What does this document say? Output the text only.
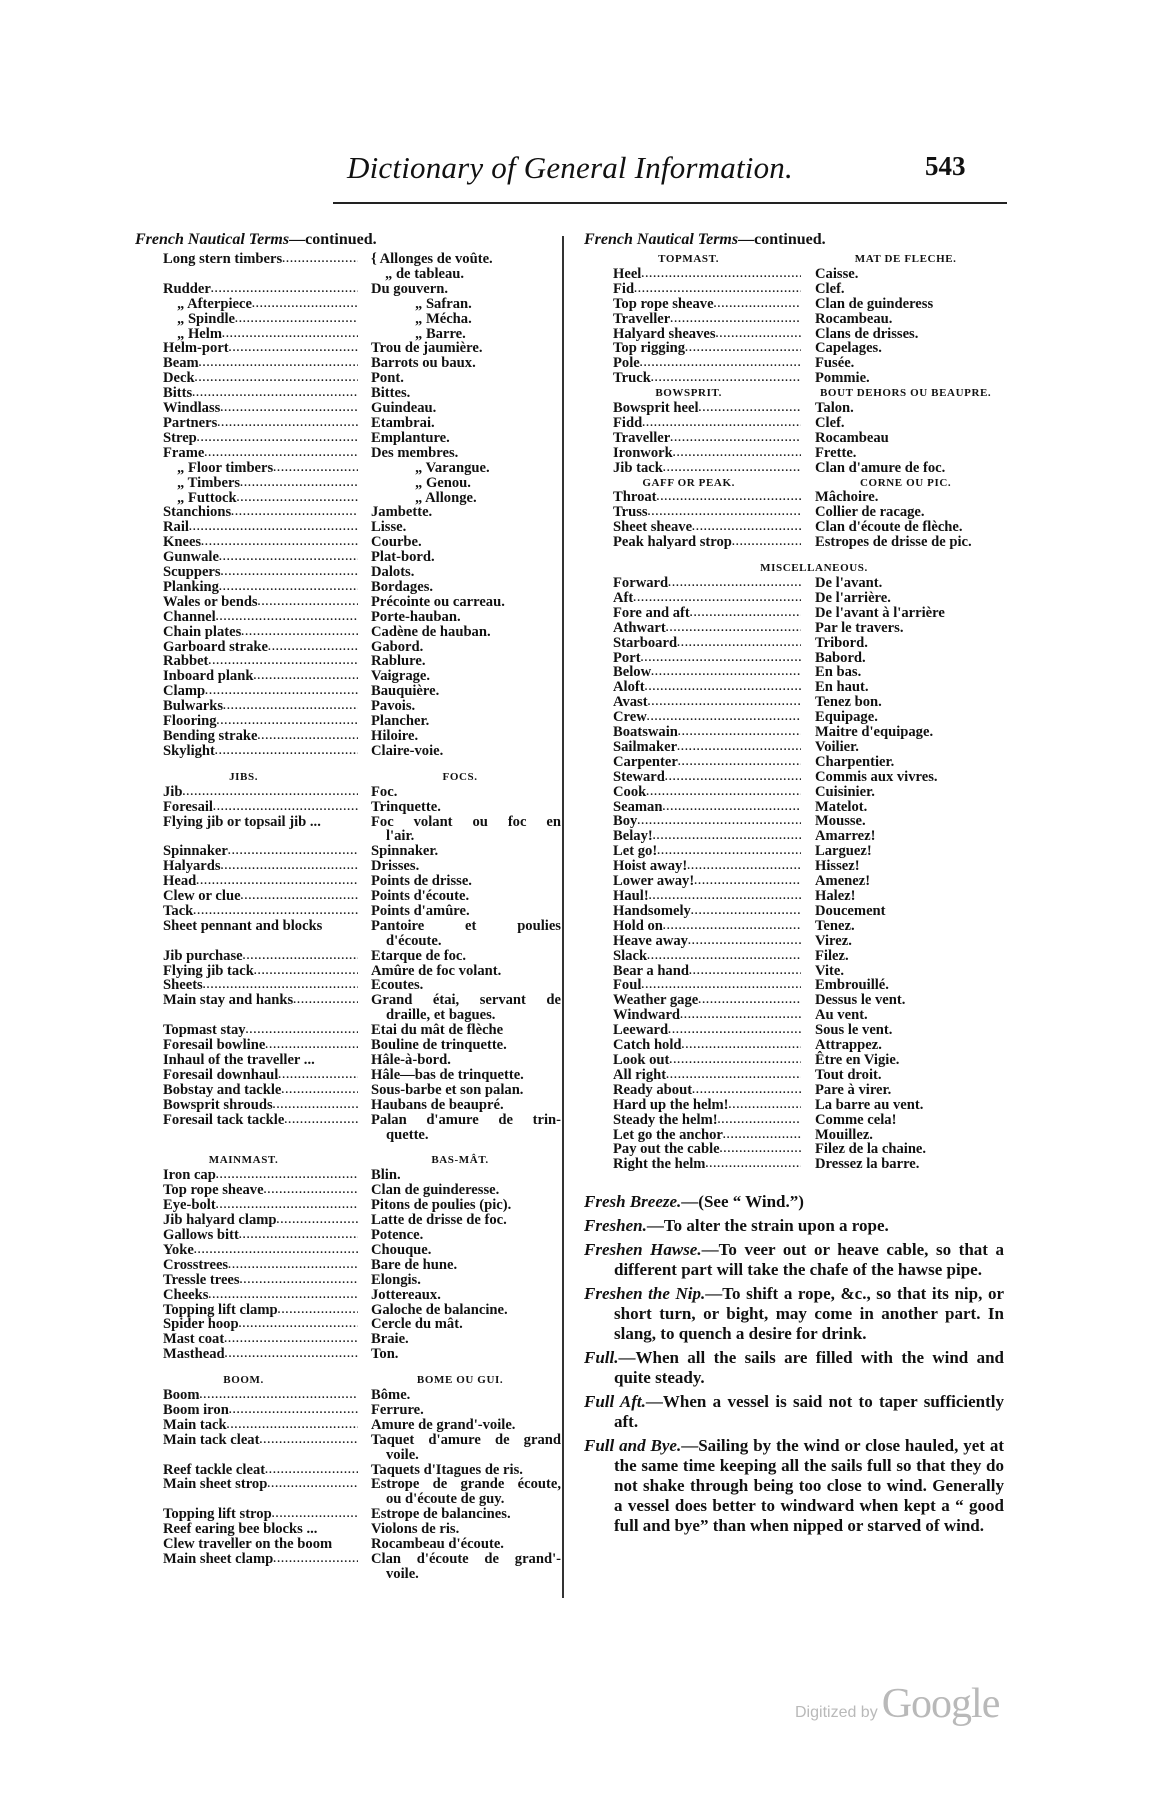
Dictionary of General Information.	543
French Nautical Terms—continued.
Long stern timbers .....	{ Allonges de voûte.
„ de tableau.
Rudder .....	Du gouvern.
„ Afterpiece .....	„ Safran.
„ Spindle .....	„ Mécha.
„ Helm .....	„ Barre.
Helm-port .....	Trou de jaumière.
Beam .....	Barrots ou baux.
Deck .....	Pont.
Bitts .....	Bittes.
Windlass .....	Guindeau.
Partners .....	Etambrai.
Strep .....	Emplanture.
Frame .....	Des membres.
„ Floor timbers .....	„ Varangue.
„ Timbers .....	„ Genou.
„ Futtock .....	„ Allonge.
Stanchions .....	Jambette.
Rail .....	Lisse.
Knees .....	Courbe.
Gunwale .....	Plat-bord.
Scuppers .....	Dalots.
Planking .....	Bordages.
Wales or bends .....	Précointe ou carreau.
Channel .....	Porte-hauban.
Chain plates .....	Cadène de hauban.
Garboard strake .....	Gabord.
Rabbet .....	Rablure.
Inboard plank .....	Vaigrage.
Clamp .....	Bauquière.
Bulwarks .....	Pavois.
Flooring .....	Plancher.
Bending strake .....	Hiloire.
Skylight .....	Claire-voie.
JIBS.	FOCS.
Jib .....	Foc.
Foresail .....	Trinquette.
Flying jib or topsail jib ...	Foc volant ou foc en
l'air.
Spinnaker .....	Spinnaker.
Halyards .....	Drisses.
Head .....	Points de drisse.
Clew or clue .....	Points d'écoute.
Tack .....	Points d'amûre.
Sheet pennant and blocks	Pantoire et poulies
d'écoute.
Jib purchase .....	Etarque de foc.
Flying jib tack .....	Amûre de foc volant.
Sheets .....	Ecoutes.
Main stay and hanks .....	Grand étai, servant de
draille, et bagues.
Topmast stay .....	Etai du mât de flèche
Foresail bowline .....	Bouline de trinquette.
Inhaul of the traveller ...	Hâle-à-bord.
Foresail downhaul .....	Hâle—bas de trinquette.
Bobstay and tackle .....	Sous-barbe et son palan.
Bowsprit shrouds .....	Haubans de beaupré.
Foresail tack tackle .....	Palan d'amure de trin-
quette.
MAINMAST.	BAS-MÂT.
Iron cap .....	Blin.
Top rope sheave .....	Clan de guinderesse.
Eye-bolt .....	Pitons de poulies (pic).
Jib halyard clamp .....	Latte de drisse de foc.
Gallows bitt .....	Potence.
Yoke .....	Chouque.
Crosstrees .....	Bare de hune.
Tressle trees .....	Elongis.
Cheeks .....	Jottereaux.
Topping lift clamp .....	Galoche de balancine.
Spider hoop .....	Cercle du mât.
Mast coat .....	Braie.
Masthead .....	Ton.
BOOM.	BOME OU GUI.
Boom .....	Bôme.
Boom iron .....	Ferrure.
Main tack .....	Amure de grand'-voile.
Main tack cleat .....	Taquet d'amure de grand
voile.
Reef tackle cleat .....	Taquets d'Itagues de ris.
Main sheet strop .....	Estrope de grande écoute,
ou d'écoute de guy.
Topping lift strop .....	Estrope de balancines.
Reef earing bee blocks ...	Violons de ris.
Clew traveller on the boom	Rocambeau d'écoute.
Main sheet clamp .....	Clan d'écoute de grand'-
voile.
French Nautical Terms—continued.
TOPMAST.	MAT DE FLECHE.
Heel .....	Caisse.
Fid .....	Clef.
Top rope sheave .....	Clan de guinderess
Traveller .....	Rocambeau.
Halyard sheaves .....	Clans de drisses.
Top rigging .....	Capelages.
Pole .....	Fusée.
Truck .....	Pommie.
BOWSPRIT.	BOUT DEHORS OU BEAUPRE.
Bowsprit heel .....	Talon.
Fidd .....	Clef.
Traveller .....	Rocambeau
Ironwork .....	Frette.
Jib tack .....	Clan d'amure de foc.
GAFF OR PEAK.	CORNE OU PIC.
Throat .....	Mâchoire.
Truss .....	Collier de racage.
Sheet sheave .....	Clan d'écoute de flèche.
Peak halyard strop .....	Estropes de drisse de pic.
MISCELLANEOUS.
Forward .....	De l'avant.
Aft .....	De l'arrière.
Fore and aft .....	De l'avant à l'arrière
Athwart .....	Par le travers.
Starboard .....	Tribord.
Port .....	Babord.
Below .....	En bas.
Aloft .....	En haut.
Avast .....	Tenez bon.
Crew .....	Equipage.
Boatswain .....	Maitre d'equipage.
Sailmaker .....	Voilier.
Carpenter .....	Charpentier.
Steward .....	Commis aux vivres.
Cook .....	Cuisinier.
Seaman .....	Matelot.
Boy .....	Mousse.
Belay! .....	Amarrez!
Let go! .....	Larguez!
Hoist away! .....	Hissez!
Lower away! .....	Amenez!
Haul! .....	Halez!
Handsomely .....	Doucement
Hold on .....	Tenez.
Heave away .....	Virez.
Slack .....	Filez.
Bear a hand .....	Vite.
Foul .....	Embrouillé.
Weather gage .....	Dessus le vent.
Windward .....	Au vent.
Leeward .....	Sous le vent.
Catch hold .....	Attrappez.
Look out .....	Être en Vigie.
All right .....	Tout droit.
Ready about .....	Pare à virer.
Hard up the helm! .....	La barre au vent.
Steady the helm! .....	Comme cela!
Let go the anchor .....	Mouillez.
Pay out the cable .....	Filez de la chaine.
Right the helm .....	Dressez la barre.
Fresh Breeze.—(See “ Wind.”)
Freshen.—To alter the strain upon a rope.
Freshen Hawse.—To veer out or heave cable, so that a different part will take the chafe of the hawse pipe.
Freshen the Nip.—To shift a rope, &c., so that its nip, or short turn, or bight, may come in another part. In slang, to quench a desire for drink.
Full.—When all the sails are filled with the wind and quite steady.
Full Aft.—When a vessel is said not to taper sufficiently aft.
Full and Bye.—Sailing by the wind or close hauled, yet at the same time keeping all the sails full so that they do not shake through being too close to wind. Generally a vessel does better to windward when kept a “ good full and bye” than when nipped or starved of wind.
Digitized byGoogle
